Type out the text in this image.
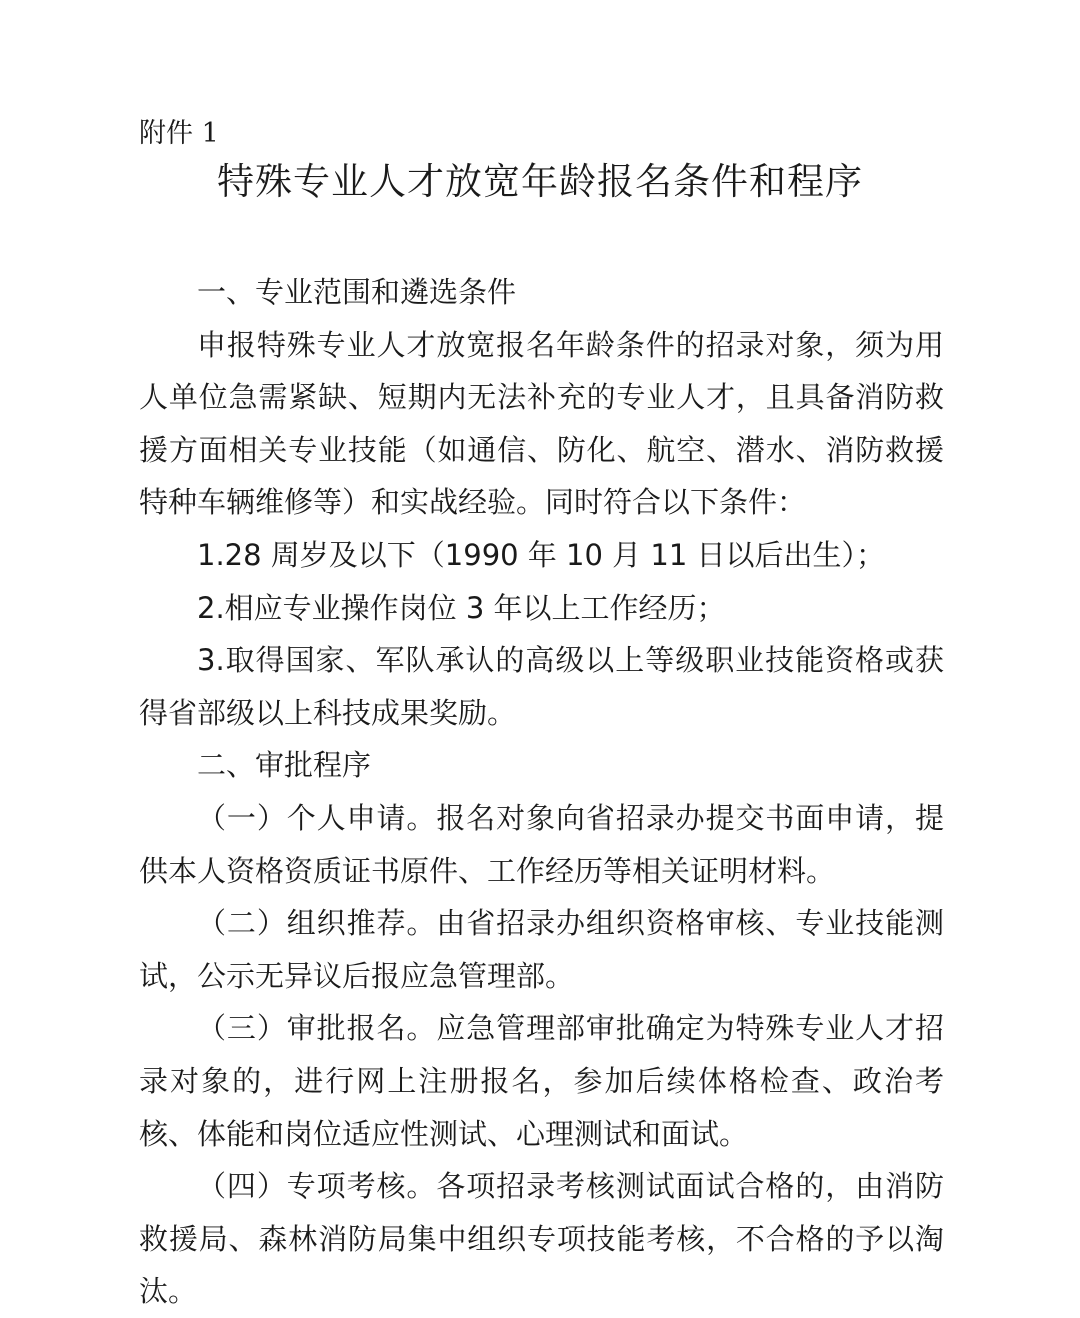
附件 1
特殊专业人才放宽年龄报名条件和程序

一、专业范围和遴选条件

申报特殊专业人才放宽报名年龄条件的招录对象，须为用人单位急需紧缺、短期内无法补充的专业人才，且具备消防救援方面相关专业技能（如通信、防化、航空、潜水、消防救援特种车辆维修等）和实战经验。同时符合以下条件：

1.28 周岁及以下（1990 年 10 月 11 日以后出生）；

2.相应专业操作岗位 3 年以上工作经历；

3.取得国家、军队承认的高级以上等级职业技能资格或获得省部级以上科技成果奖励。

二、审批程序

（一）个人申请。报名对象向省招录办提交书面申请，提供本人资格资质证书原件、工作经历等相关证明材料。

（二）组织推荐。由省招录办组织资格审核、专业技能测试，公示无异议后报应急管理部。

（三）审批报名。应急管理部审批确定为特殊专业人才招录对象的，进行网上注册报名，参加后续体格检查、政治考核、体能和岗位适应性测试、心理测试和面试。

（四）专项考核。各项招录考核测试面试合格的，由消防救援局、森林消防局集中组织专项技能考核，不合格的予以淘汰。
